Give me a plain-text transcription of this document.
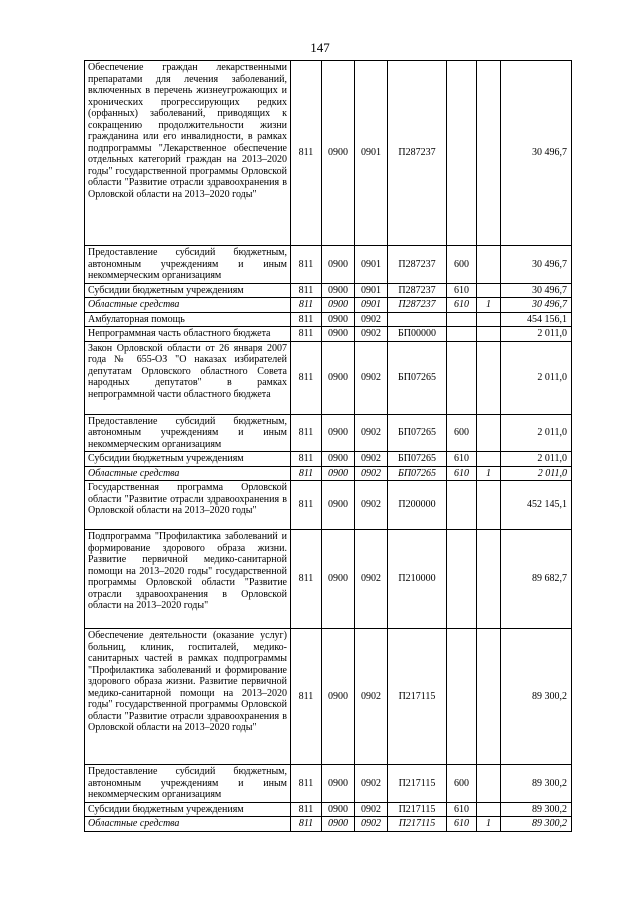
147
Обеспечение граждан лекарственными препаратами для лечения заболеваний, включенных в перечень жизнеугрожающих и хронических прогрессирующих редких (орфанных) заболеваний, приводящих к сокращению продолжительности жизни гражданина или его инвалидности, в рамках подпрограммы "Лекарственное обеспечение отдельных категорий граждан на 2013–2020 годы" государственной программы Орловской области "Развитие отрасли здравоохранения в Орловской области на 2013–2020 годы"	811	0900	0901	П287237			30 496,7
Предоставление субсидий бюджетным, автономным учреждениям и иным некоммерческим организациям	811	0900	0901	П287237	600		30 496,7
Субсидии бюджетным учреждениям	811	0900	0901	П287237	610		30 496,7
Областные средства	811	0900	0901	П287237	610	1	30 496,7
Амбулаторная помощь	811	0900	0902				454 156,1
Непрограммная часть областного бюджета	811	0900	0902	БП00000			2 011,0
Закон Орловской области от 26 января 2007 года № 655-ОЗ "О наказах избирателей депутатам Орловского областного Совета народных депутатов" в рамках непрограммной части областного бюджета	811	0900	0902	БП07265			2 011,0
Предоставление субсидий бюджетным, автономным учреждениям и иным некоммерческим организациям	811	0900	0902	БП07265	600		2 011,0
Субсидии бюджетным учреждениям	811	0900	0902	БП07265	610		2 011,0
Областные средства	811	0900	0902	БП07265	610	1	2 011,0
Государственная программа Орловской области "Развитие отрасли здравоохранения в Орловской области на 2013–2020 годы"	811	0900	0902	П200000			452 145,1
Подпрограмма "Профилактика заболеваний и формирование здорового образа жизни. Развитие первичной медико-санитарной помощи на 2013–2020 годы" государственной программы Орловской области "Развитие отрасли здравоохранения в Орловской области на 2013–2020 годы"	811	0900	0902	П210000			89 682,7
Обеспечение деятельности (оказание услуг) больниц, клиник, госпиталей, медико-санитарных частей в рамках подпрограммы "Профилактика заболеваний и формирование здорового образа жизни. Развитие первичной медико-санитарной помощи на 2013–2020 годы" государственной программы Орловской области "Развитие отрасли здравоохранения в Орловской области на 2013–2020 годы"	811	0900	0902	П217115			89 300,2
Предоставление субсидий бюджетным, автономным учреждениям и иным некоммерческим организациям	811	0900	0902	П217115	600		89 300,2
Субсидии бюджетным учреждениям	811	0900	0902	П217115	610		89 300,2
Областные средства	811	0900	0902	П217115	610	1	89 300,2
